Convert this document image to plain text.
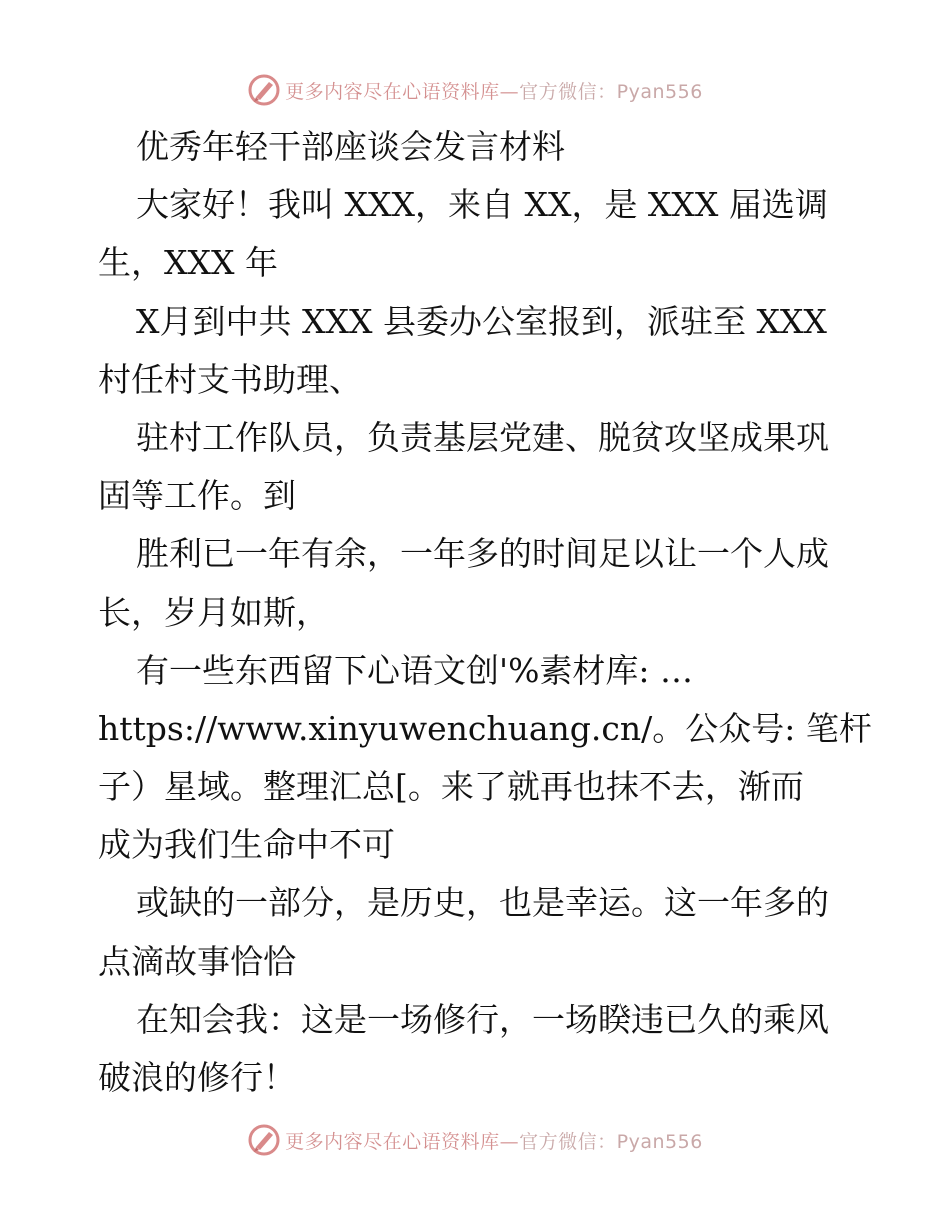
更多内容尽在心语资料库—官方微信：Pyan556
优秀年轻干部座谈会发言材料
大家好！我叫 XXX，来自 XX，是 XXX 届选调
生，XXX 年
X月到中共 XXX 县委办公室报到，派驻至 XXX
村任村支书助理、
驻村工作队员，负责基层党建、脱贫攻坚成果巩
固等工作。到
胜利已一年有余，一年多的时间足以让一个人成
长，岁月如斯，
有一些东西留下心语文创'%素材库: …
https://www.xinyuwenchuang.cn/。公众号: 笔杆
子）星域。整理汇总[。来了就再也抹不去，渐而
成为我们生命中不可
或缺的一部分，是历史，也是幸运。这一年多的
点滴故事恰恰
在知会我：这是一场修行，一场睽违已久的乘风
破浪的修行！
更多内容尽在心语资料库—官方微信：Pyan556
